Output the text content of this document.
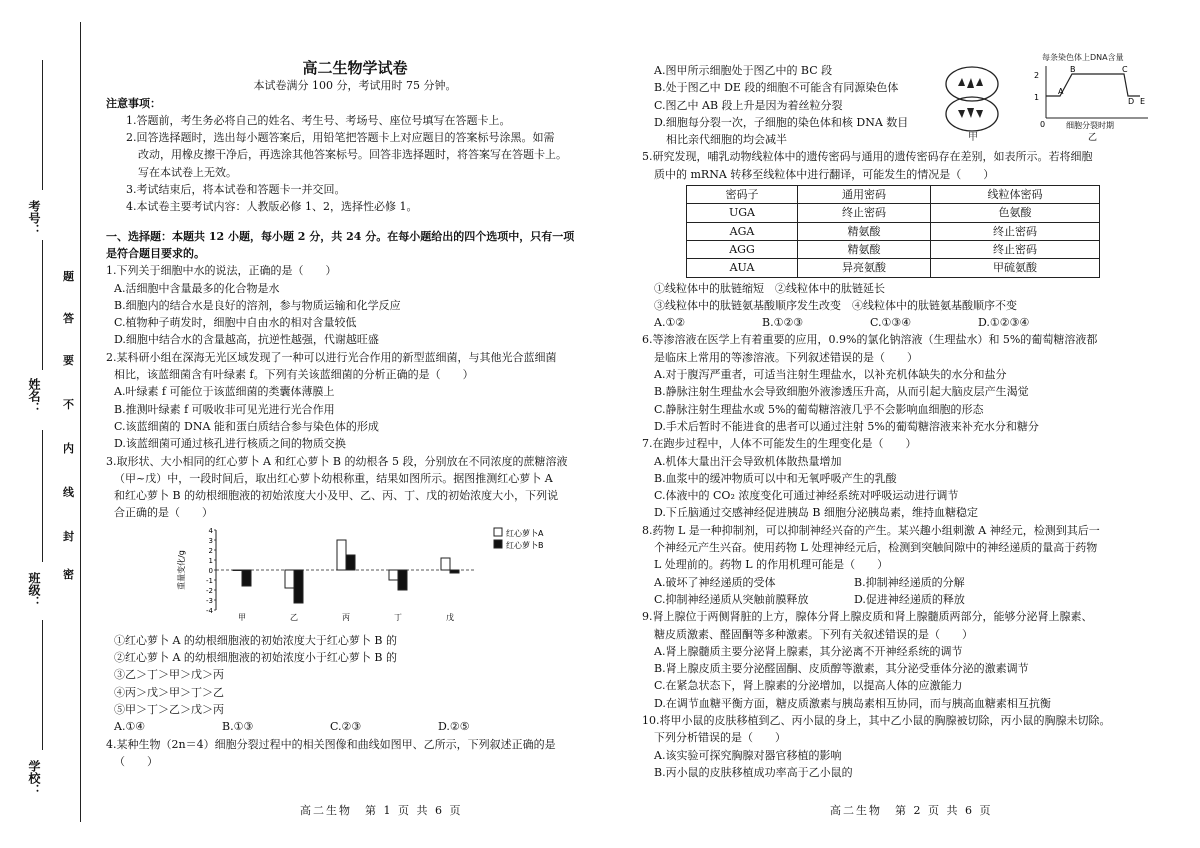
考号：
姓名：
班级：
学校：
题
答
要
不
内
线
封
密

高二生物学试卷

本试卷满分 100 分，考试用时 75 分钟。

注意事项：

1.答题前，考生务必将自己的姓名、考生号、考场号、座位号填写在答题卡上。

2.回答选择题时，选出每小题答案后，用铅笔把答题卡上对应题目的答案标号涂黑。如需

改动，用橡皮擦干净后，再选涂其他答案标号。回答非选择题时，将答案写在答题卡上。

写在本试卷上无效。

3.考试结束后，将本试卷和答题卡一并交回。

4.本试卷主要考试内容：人教版必修 1、2，选择性必修 1。

一、选择题：本题共 12 小题，每小题 2 分，共 24 分。在每小题给出的四个选项中，只有一项

是符合题目要求的。

1.下列关于细胞中水的说法，正确的是（　　）

A.活细胞中含量最多的化合物是水

B.细胞内的结合水是良好的溶剂，参与物质运输和化学反应

C.植物种子萌发时，细胞中自由水的相对含量较低

D.细胞中结合水的含量越高，抗逆性越强，代谢越旺盛

2.某科研小组在深海无光区域发现了一种可以进行光合作用的新型蓝细菌，与其他光合蓝细菌

相比，该蓝细菌含有叶绿素 f。下列有关该蓝细菌的分析正确的是（　　）

A.叶绿素 f 可能位于该蓝细菌的类囊体薄膜上

B.推测叶绿素 f 可吸收非可见光进行光合作用

C.该蓝细菌的 DNA 能和蛋白质结合参与染色体的形成

D.该蓝细菌可通过核孔进行核质之间的物质交换

3.取形状、大小相同的红心萝卜 A 和红心萝卜 B 的幼根各 5 段，分别放在不同浓度的蔗糖溶液

（甲~戊）中，一段时间后，取出红心萝卜幼根称重，结果如图所示。据图推测红心萝卜 A

和红心萝卜 B 的幼根细胞液的初始浓度大小及甲、乙、丙、丁、戊的初始浓度大小，下列说

合正确的是（　　）

重量变化/g
4
3
2
1
0
-1
-2
-3
-4
甲	乙	丙	丁	戊
红心萝卜A
红心萝卜B

①红心萝卜 A 的幼根细胞液的初始浓度大于红心萝卜 B 的

②红心萝卜 A 的幼根细胞液的初始浓度小于红心萝卜 B 的

③乙＞丁＞甲＞戊＞丙

④丙＞戊＞甲＞丁＞乙

⑤甲＞丁＞乙＞戊＞丙

A.①④	B.①③	C.②③	D.②⑤

4.某种生物（2n＝4）细胞分裂过程中的相关图像和曲线如图甲、乙所示，下列叙述正确的是

（　　）

高二生物　第 1 页 共 6 页

A.图甲所示细胞处于图乙中的 BC 段

B.处于图乙中 DE 段的细胞不可能含有同源染色体

C.图乙中 AB 段上升是因为着丝粒分裂

D.细胞每分裂一次，子细胞的染色体和核 DNA 数目

相比亲代细胞的均会减半

5.研究发现，哺乳动物线粒体中的遗传密码与通用的遗传密码存在差别，如表所示。若将细胞

质中的 mRNA 转移至线粒体中进行翻译，可能发生的情况是（　　）

密码子	通用密码	线粒体密码
UGA	终止密码	色氨酸
AGA	精氨酸	终止密码
AGG	精氨酸	终止密码
AUA	异亮氨酸	甲硫氨酸

①线粒体中的肽链缩短　②线粒体中的肽链延长

③线粒体中的肽链氨基酸顺序发生改变　④线粒体中的肽链氨基酸顺序不变

A.①②	B.①②③	C.①③④	D.①②③④

6.等渗溶液在医学上有着重要的应用，0.9%的氯化钠溶液（生理盐水）和 5%的葡萄糖溶液都

是临床上常用的等渗溶液。下列叙述错误的是（　　）

A.对于腹泻严重者，可适当注射生理盐水，以补充机体缺失的水分和盐分

B.静脉注射生理盐水会导致细胞外液渗透压升高，从而引起大脑皮层产生渴觉

C.静脉注射生理盐水或 5%的葡萄糖溶液几乎不会影响血细胞的形态

D.手术后暂时不能进食的患者可以通过注射 5%的葡萄糖溶液来补充水分和糖分

7.在跑步过程中，人体不可能发生的生理变化是（　　）

A.机体大量出汗会导致机体散热量增加

B.血浆中的缓冲物质可以中和无氧呼吸产生的乳酸

C.体液中的 CO₂ 浓度变化可通过神经系统对呼吸运动进行调节

D.下丘脑通过交感神经促进胰岛 B 细胞分泌胰岛素，维持血糖稳定

8.药物 L 是一种抑制剂，可以抑制神经兴奋的产生。某兴趣小组刺激 A 神经元，检测到其后一

个神经元产生兴奋。使用药物 L 处理神经元后，检测到突触间隙中的神经递质的量高于药物

L 处理前的。药物 L 的作用机理可能是（　　）

A.破坏了神经递质的受体	B.抑制神经递质的分解

C.抑制神经递质从突触前膜释放	D.促进神经递质的释放

9.肾上腺位于两侧肾脏的上方，腺体分肾上腺皮质和肾上腺髓质两部分，能够分泌肾上腺素、

糖皮质激素、醛固酮等多种激素。下列有关叙述错误的是（　　）

A.肾上腺髓质主要分泌肾上腺素，其分泌离不开神经系统的调节

B.肾上腺皮质主要分泌醛固酮、皮质醇等激素，其分泌受垂体分泌的激素调节

C.在紧急状态下，肾上腺素的分泌增加，以提高人体的应激能力

D.在调节血糖平衡方面，糖皮质激素与胰岛素相互协同，而与胰高血糖素相互抗衡

10.将甲小鼠的皮肤移植到乙、丙小鼠的身上，其中乙小鼠的胸腺被切除，丙小鼠的胸腺未切除。

下列分析错误的是（　　）

A.该实验可探究胸腺对器官移植的影响

B.丙小鼠的皮肤移植成功率高于乙小鼠的

甲
每条染色体上DNA含量
2
1
0
A
B	C
D E
细胞分裂时期
乙
高二生物　第 2 页 共 6 页
